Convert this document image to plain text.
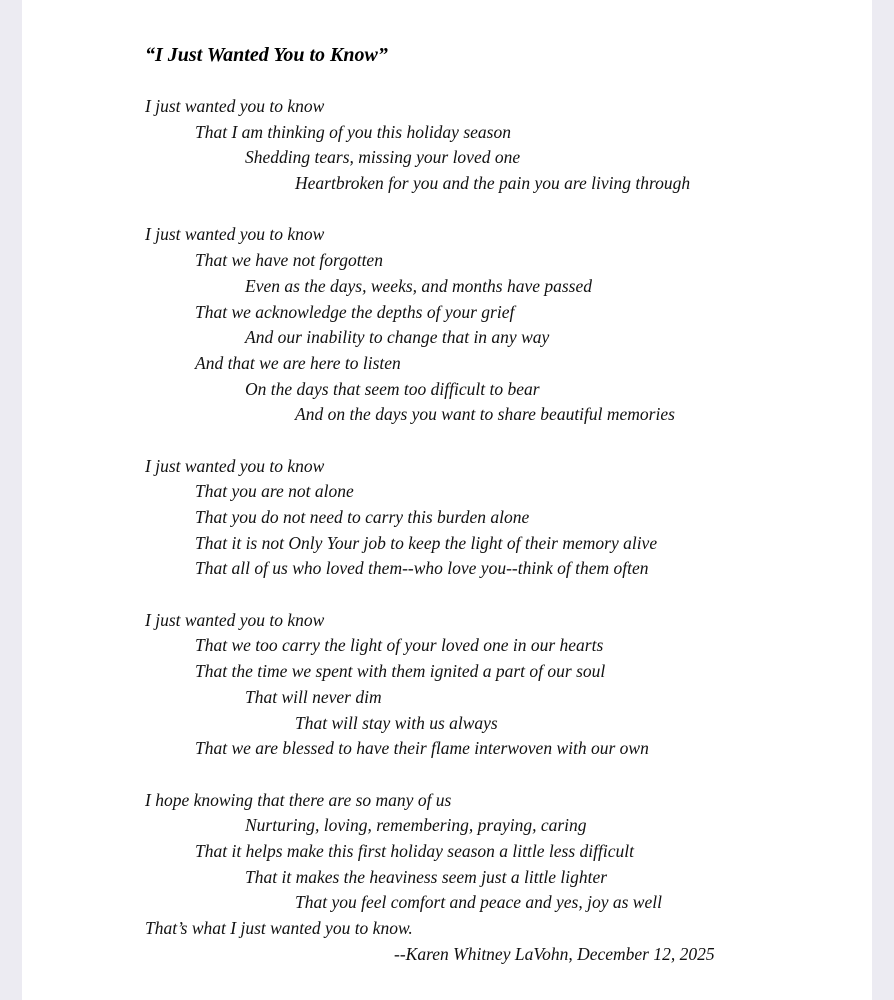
“I Just Wanted You to Know”
I just wanted you to know
That I am thinking of you this holiday season
Shedding tears, missing your loved one
Heartbroken for you and the pain you are living through
I just wanted you to know
That we have not forgotten
Even as the days, weeks, and months have passed
That we acknowledge the depths of your grief
And our inability to change that in any way
And that we are here to listen
On the days that seem too difficult to bear
And on the days you want to share beautiful memories
I just wanted you to know
That you are not alone
That you do not need to carry this burden alone
That it is not Only Your job to keep the light of their memory alive
That all of us who loved them--who love you--think of them often
I just wanted you to know
That we too carry the light of your loved one in our hearts
That the time we spent with them ignited a part of our soul
That will never dim
That will stay with us always
That we are blessed to have their flame interwoven with our own
I hope knowing that there are so many of us
Nurturing, loving, remembering, praying, caring
That it helps make this first holiday season a little less difficult
That it makes the heaviness seem just a little lighter
That you feel comfort and peace and yes, joy as well
That’s what I just wanted you to know.
--Karen Whitney LaVohn, December 12, 2025
